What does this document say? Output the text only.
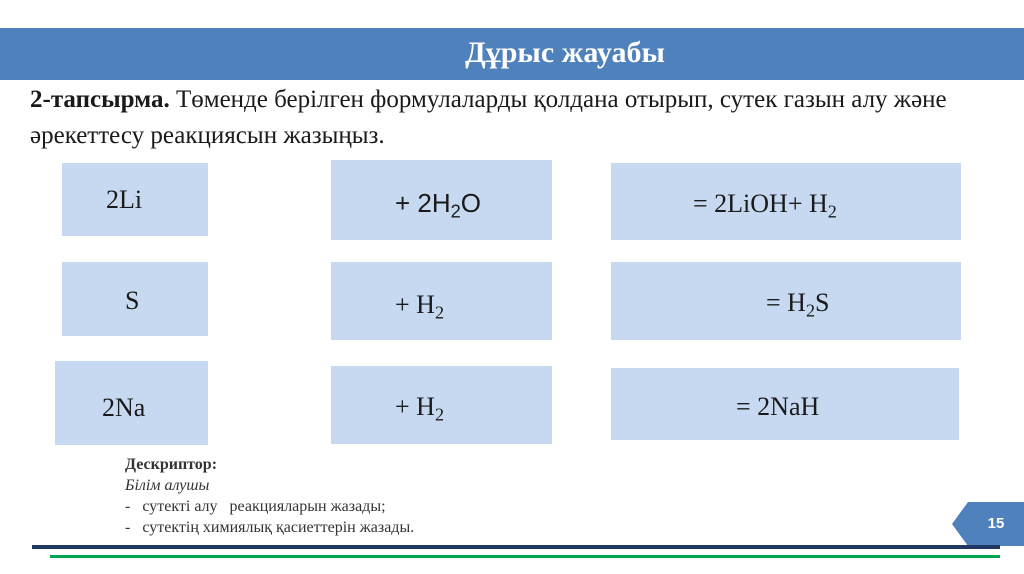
Дұрыс жауабы
2-тапсырма. Төменде берілген формулаларды қолдана отырып, сутек газын алу және әрекеттесу реакциясын жазыңыз.
2Li	+ $2H_2O$	= 2LiOH+ $H_2$
S	+ $H_2$	= $H_2S$
2Na	+ $H_2$	= 2NaH
Дескриптор:
Білім алушы
-   сутекті алу   реакцияларын жазады;
-   сутектің химиялық қасиеттерін жазады.	15
